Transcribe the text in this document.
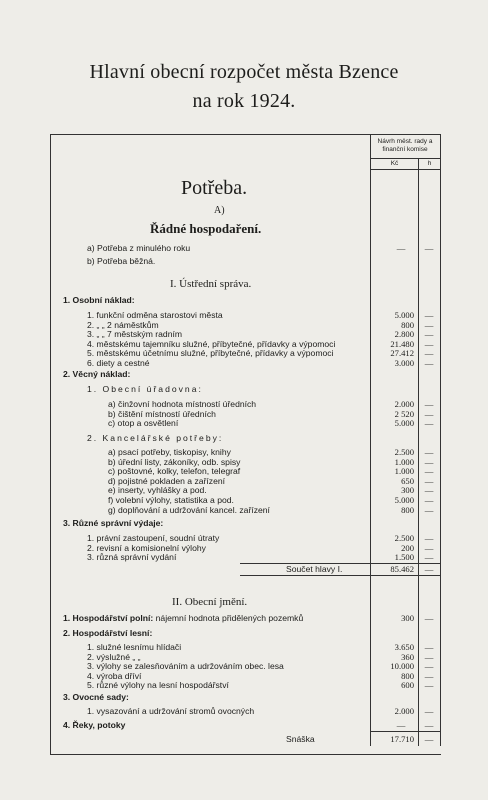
Hlavní obecní rozpočet města Bzence
na rok 1924.
Návrh měst. rady a finanční komise
Kč	h
Potřeba.
A)
Řádné hospodaření.
a) Potřeba z minulého roku	— —
b) Potřeba běžná.
I. Ústřední správa.
1. Osobní náklad:
1. funkční odměna starostovi města	5.000 —
2. „ „ 2 náměstkům	800 —
3. „ „ 7 městským radním	2.800 —
4. městskému tajemníku služné, příbytečné, přídavky a výpomoci	21.480 —
5. městskému účetnímu služné, příbytečné, přídavky a výpomoci	27.412 —
6. diety a cestné	3.000 —
2. Věcný náklad:
1. Obecní úřadovna:
a) činžovní hodnota místností úředních	2.000 —
b) čištění místností úředních	2 520 —
c) otop a osvětlení	5.000 —
2. Kancelářské potřeby:
a) psací potřeby, tiskopisy, knihy	2.500 —
b) úřední listy, zákoníky, odb. spisy	1.000 —
c) poštovné, kolky, telefon, telegraf	1.000 —
d) pojistné pokladen a zařízení	650 —
e) inserty, vyhlášky a pod.	300 —
f) volební výlohy, statistika a pod.	5.000 —
g) doplňování a udržování kancel. zařízení	800 —
3. Různé správní výdaje:
1. právní zastoupení, soudní útraty	2.500 —
2. revisní a komisionelní výlohy	200 —
3. různá správní vydání	1.500 —
Součet hlavy I.	85.462 —
II. Obecní jmění.
1. Hospodářství polní: nájemní hodnota přidělených pozemků	300 —
2. Hospodářství lesní:
1. služné lesnímu hlídači	3.650 —
2. výslužné „ „	360 —
3. výlohy se zalesňováním a udržováním obec. lesa	10.000 —
4. výroba dříví	800 —
5. různé výlohy na lesní hospodářství	600 —
3. Ovocné sady:
1. vysazování a udržování stromů ovocných	2.000 —
4. Řeky, potoky	— —
Snáška	17.710 —
